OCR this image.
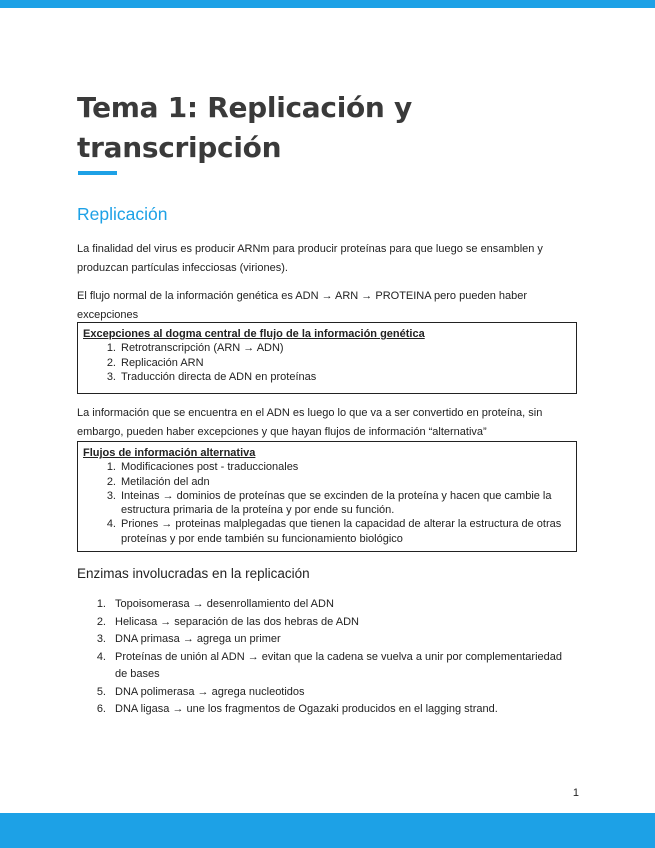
Tema 1: Replicación y transcripción
Replicación

La finalidad del virus es producir ARNm para producir proteínas para que luego se ensamblen y produzcan partículas infecciosas (viriones).

El flujo normal de la información genética es ADN → ARN → PROTEINA pero pueden haber excepciones

Excepciones al dogma central de flujo de la información genética
1. Retrotranscripción (ARN → ADN)
2. Replicación ARN
3. Traducción directa de ADN en proteínas

La información que se encuentra en el ADN es luego lo que va a ser convertido en proteína, sin embargo, pueden haber excepciones y que hayan flujos de información “alternativa”

Flujos de información alternativa
1. Modificaciones post - traduccionales
2. Metilación del adn
3. Inteinas → dominios de proteínas que se excinden de la proteína y hacen que cambie la estructura primaria de la proteína y por ende su función.
4. Priones → proteinas malplegadas que tienen la capacidad de alterar la estructura de otras proteínas y por ende también su funcionamiento biológico
Enzimas involucradas en la replicación
1. Topoisomerasa → desenrollamiento del ADN
2. Helicasa → separación de las dos hebras de ADN
3. DNA primasa → agrega un primer
4. Proteínas de unión al ADN → evitan que la cadena se vuelva a unir por complementariedad de bases
5. DNA polimerasa → agrega nucleotidos
6. DNA ligasa → une los fragmentos de Ogazaki producidos en el lagging strand.
1
